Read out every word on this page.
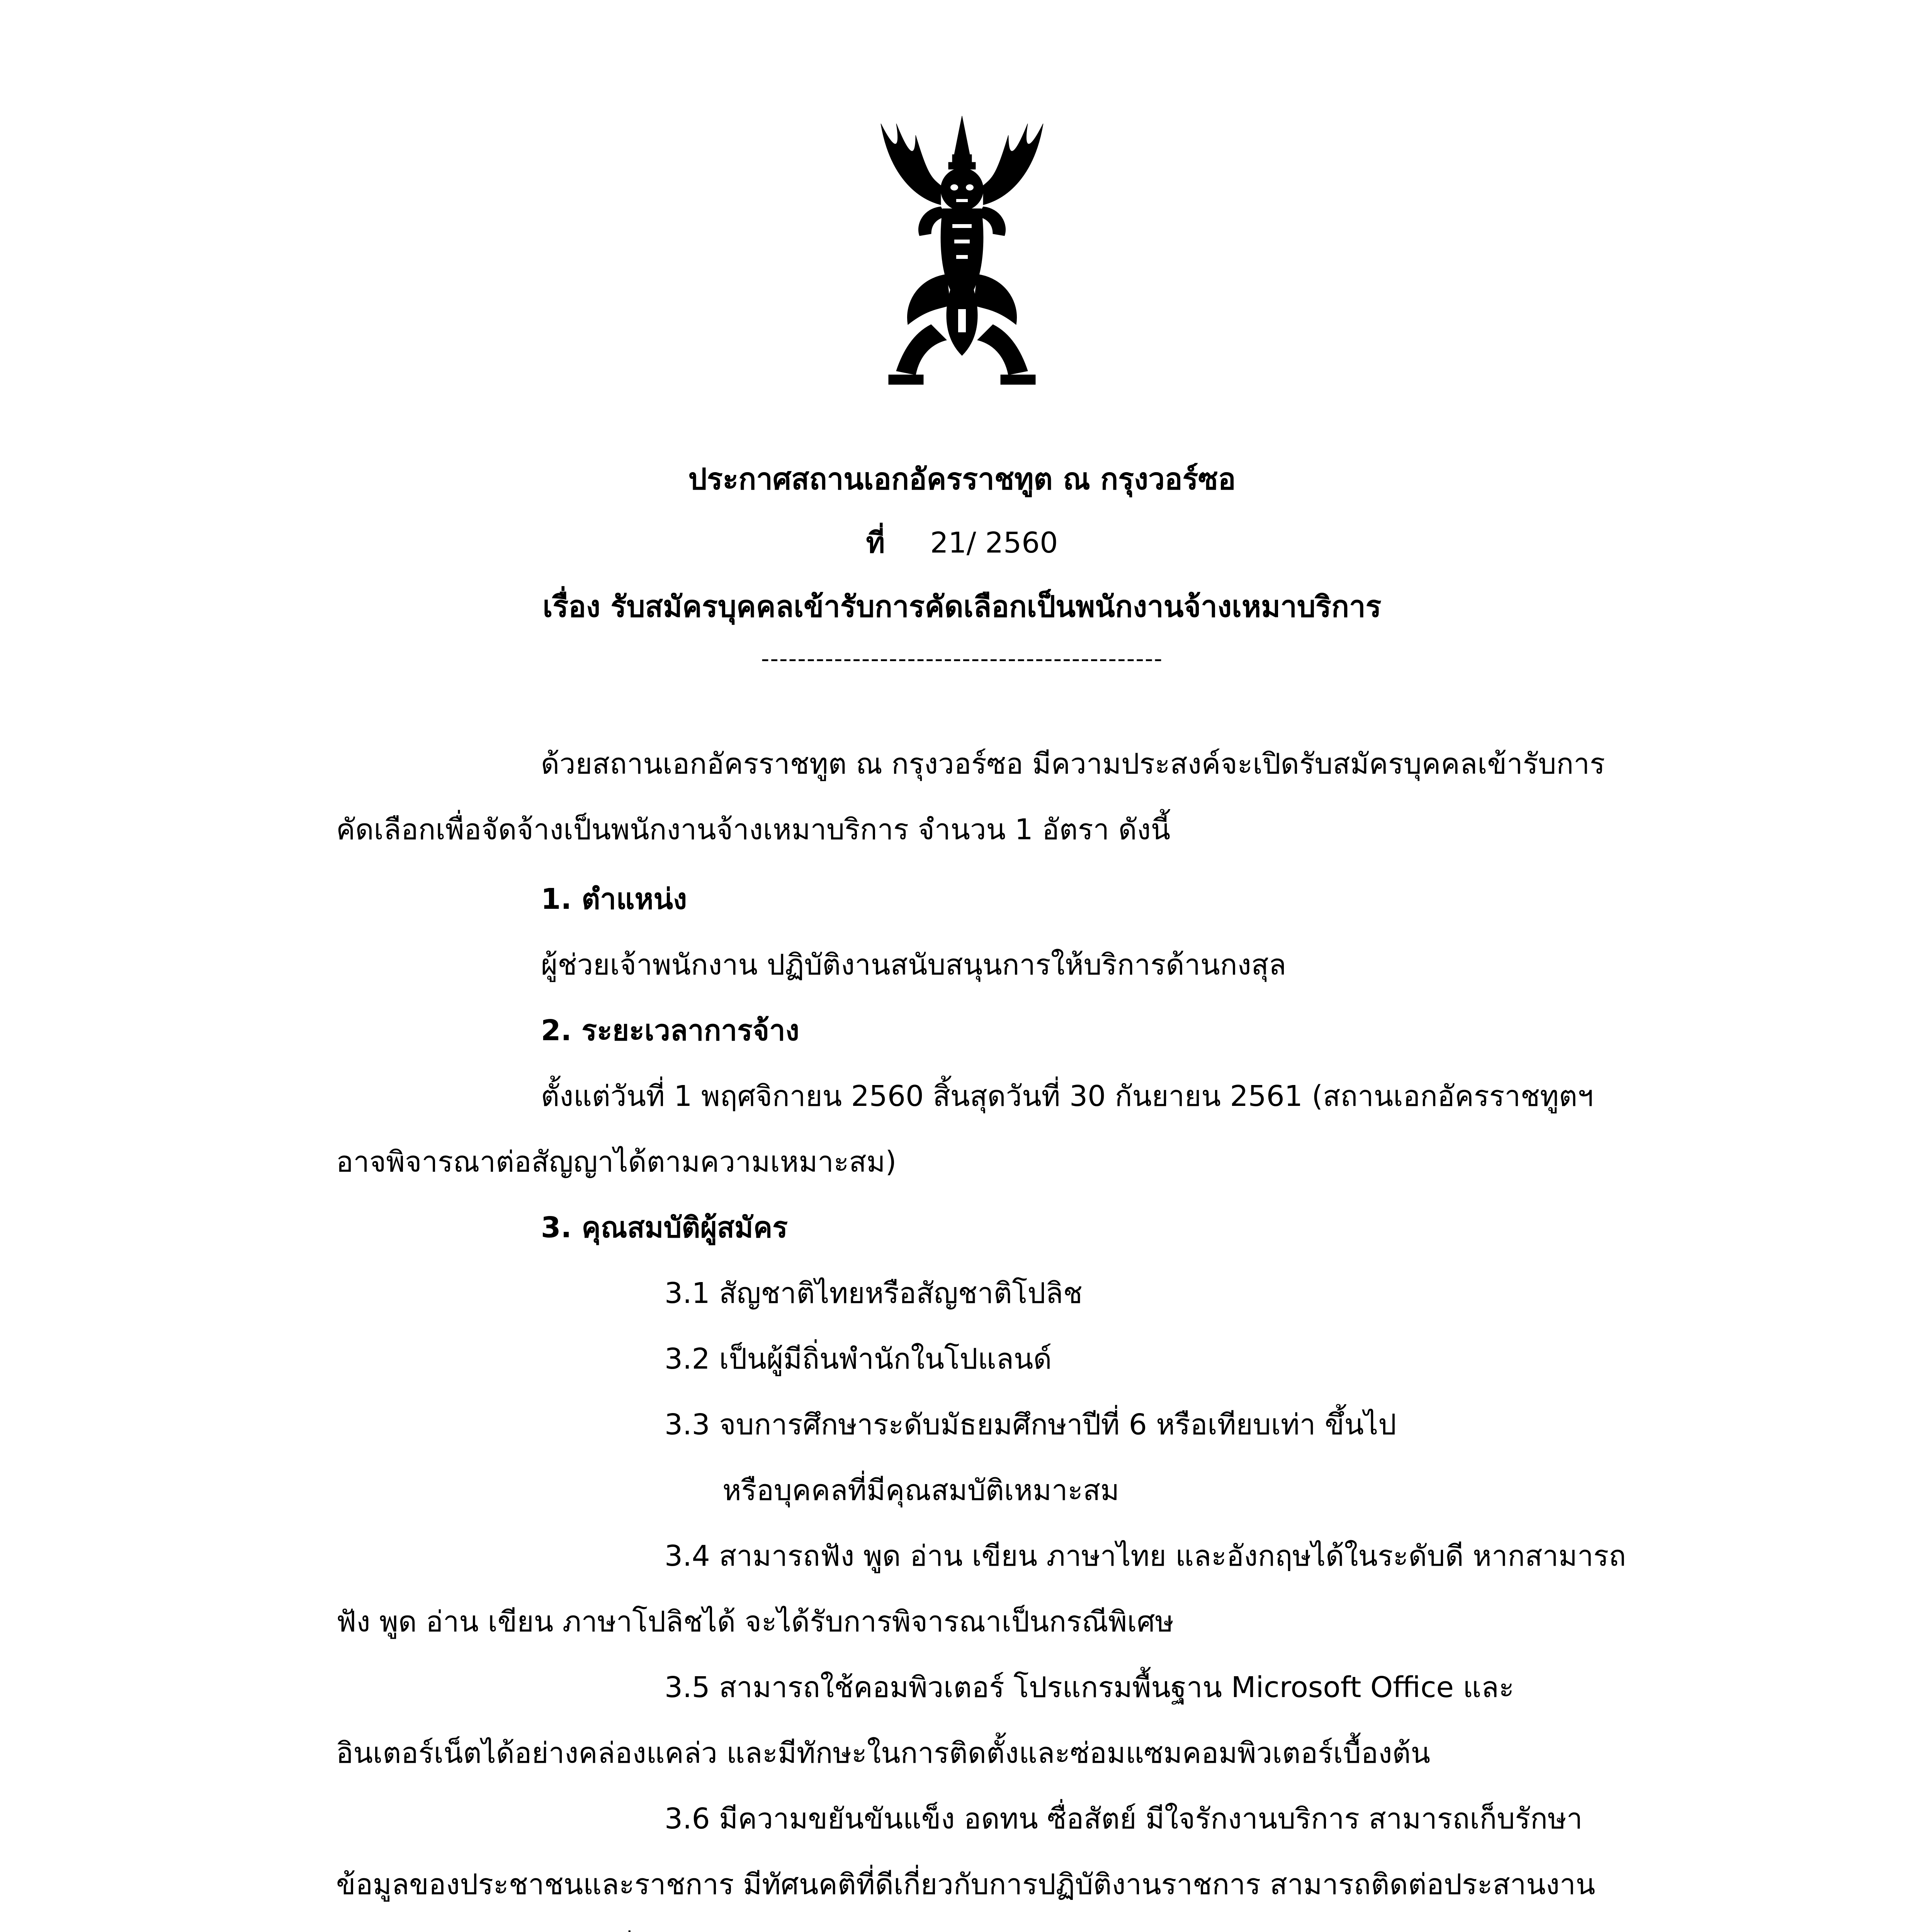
ประกาศสถานเอกอัครราชทูต ณ กรุงวอร์ซอ
ที่ 21/ 2560
เรื่อง รับสมัครบุคคลเข้ารับการคัดเลือกเป็นพนักงานจ้างเหมาบริการ
--------------------------------------------
ด้วยสถานเอกอัครราชทูต ณ กรุงวอร์ซอ มีความประสงค์จะเปิดรับสมัครบุคคลเข้ารับการ
คัดเลือกเพื่อจัดจ้างเป็นพนักงานจ้างเหมาบริการ จำนวน 1 อัตรา ดังนี้
1. ตำแหน่ง
ผู้ช่วยเจ้าพนักงาน ปฏิบัติงานสนับสนุนการให้บริการด้านกงสุล
2. ระยะเวลาการจ้าง
ตั้งแต่วันที่ 1 พฤศจิกายน 2560 สิ้นสุดวันที่ 30 กันยายน 2561 (สถานเอกอัครราชทูตฯ
อาจพิจารณาต่อสัญญาได้ตามความเหมาะสม)
3. คุณสมบัติผู้สมัคร
3.1 สัญชาติไทยหรือสัญชาติโปลิช
3.2 เป็นผู้มีถิ่นพำนักในโปแลนด์
3.3 จบการศึกษาระดับมัธยมศึกษาปีที่ 6 หรือเทียบเท่า ขึ้นไป
หรือบุคคลที่มีคุณสมบัติเหมาะสม
3.4 สามารถฟัง พูด อ่าน เขียน ภาษาไทย และอังกฤษได้ในระดับดี หากสามารถ
ฟัง พูด อ่าน เขียน ภาษาโปลิชได้ จะได้รับการพิจารณาเป็นกรณีพิเศษ
3.5 สามารถใช้คอมพิวเตอร์ โปรแกรมพื้นฐาน Microsoft Office และ
อินเตอร์เน็ตได้อย่างคล่องแคล่ว และมีทักษะในการติดตั้งและซ่อมแซมคอมพิวเตอร์เบื้องต้น
3.6 มีความขยันขันแข็ง อดทน ซื่อสัตย์ มีใจรักงานบริการ สามารถเก็บรักษา
ข้อมูลของประชาชนและราชการ มีทัศนคติที่ดีเกี่ยวกับการปฏิบัติงานราชการ สามารถติดต่อประสานงาน
